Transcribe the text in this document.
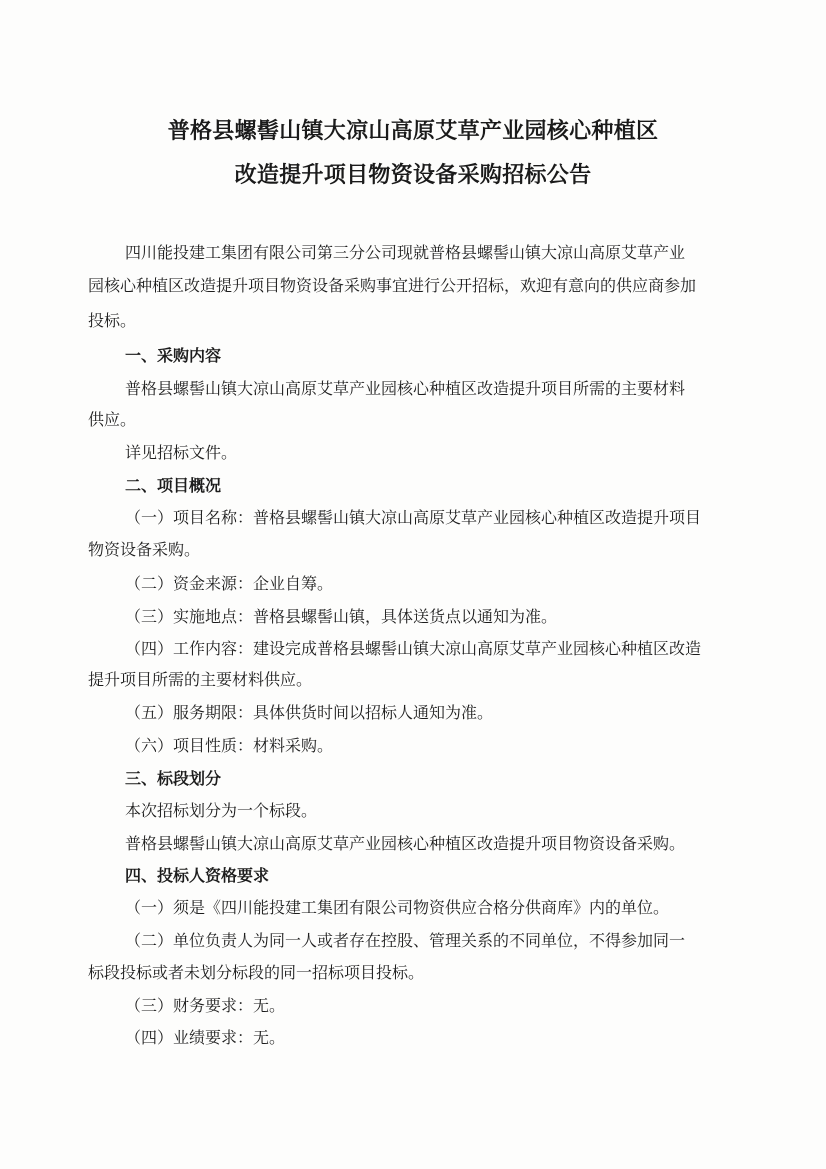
普格县螺髻山镇大凉山高原艾草产业园核心种植区
改造提升项目物资设备采购招标公告
四川能投建工集团有限公司第三分公司现就普格县螺髻山镇大凉山高原艾草产业
园核心种植区改造提升项目物资设备采购事宜进行公开招标，欢迎有意向的供应商参加
投标。
一、采购内容
普格县螺髻山镇大凉山高原艾草产业园核心种植区改造提升项目所需的主要材料
供应。
详见招标文件。
二、项目概况
（一）项目名称：普格县螺髻山镇大凉山高原艾草产业园核心种植区改造提升项目
物资设备采购。
（二）资金来源：企业自筹。
（三）实施地点：普格县螺髻山镇，具体送货点以通知为准。
（四）工作内容：建设完成普格县螺髻山镇大凉山高原艾草产业园核心种植区改造
提升项目所需的主要材料供应。
（五）服务期限：具体供货时间以招标人通知为准。
（六）项目性质：材料采购。
三、标段划分
本次招标划分为一个标段。
普格县螺髻山镇大凉山高原艾草产业园核心种植区改造提升项目物资设备采购。
四、投标人资格要求
（一）须是《四川能投建工集团有限公司物资供应合格分供商库》内的单位。
（二）单位负责人为同一人或者存在控股、管理关系的不同单位，不得参加同一
标段投标或者未划分标段的同一招标项目投标。
（三）财务要求：无。
（四）业绩要求：无。
